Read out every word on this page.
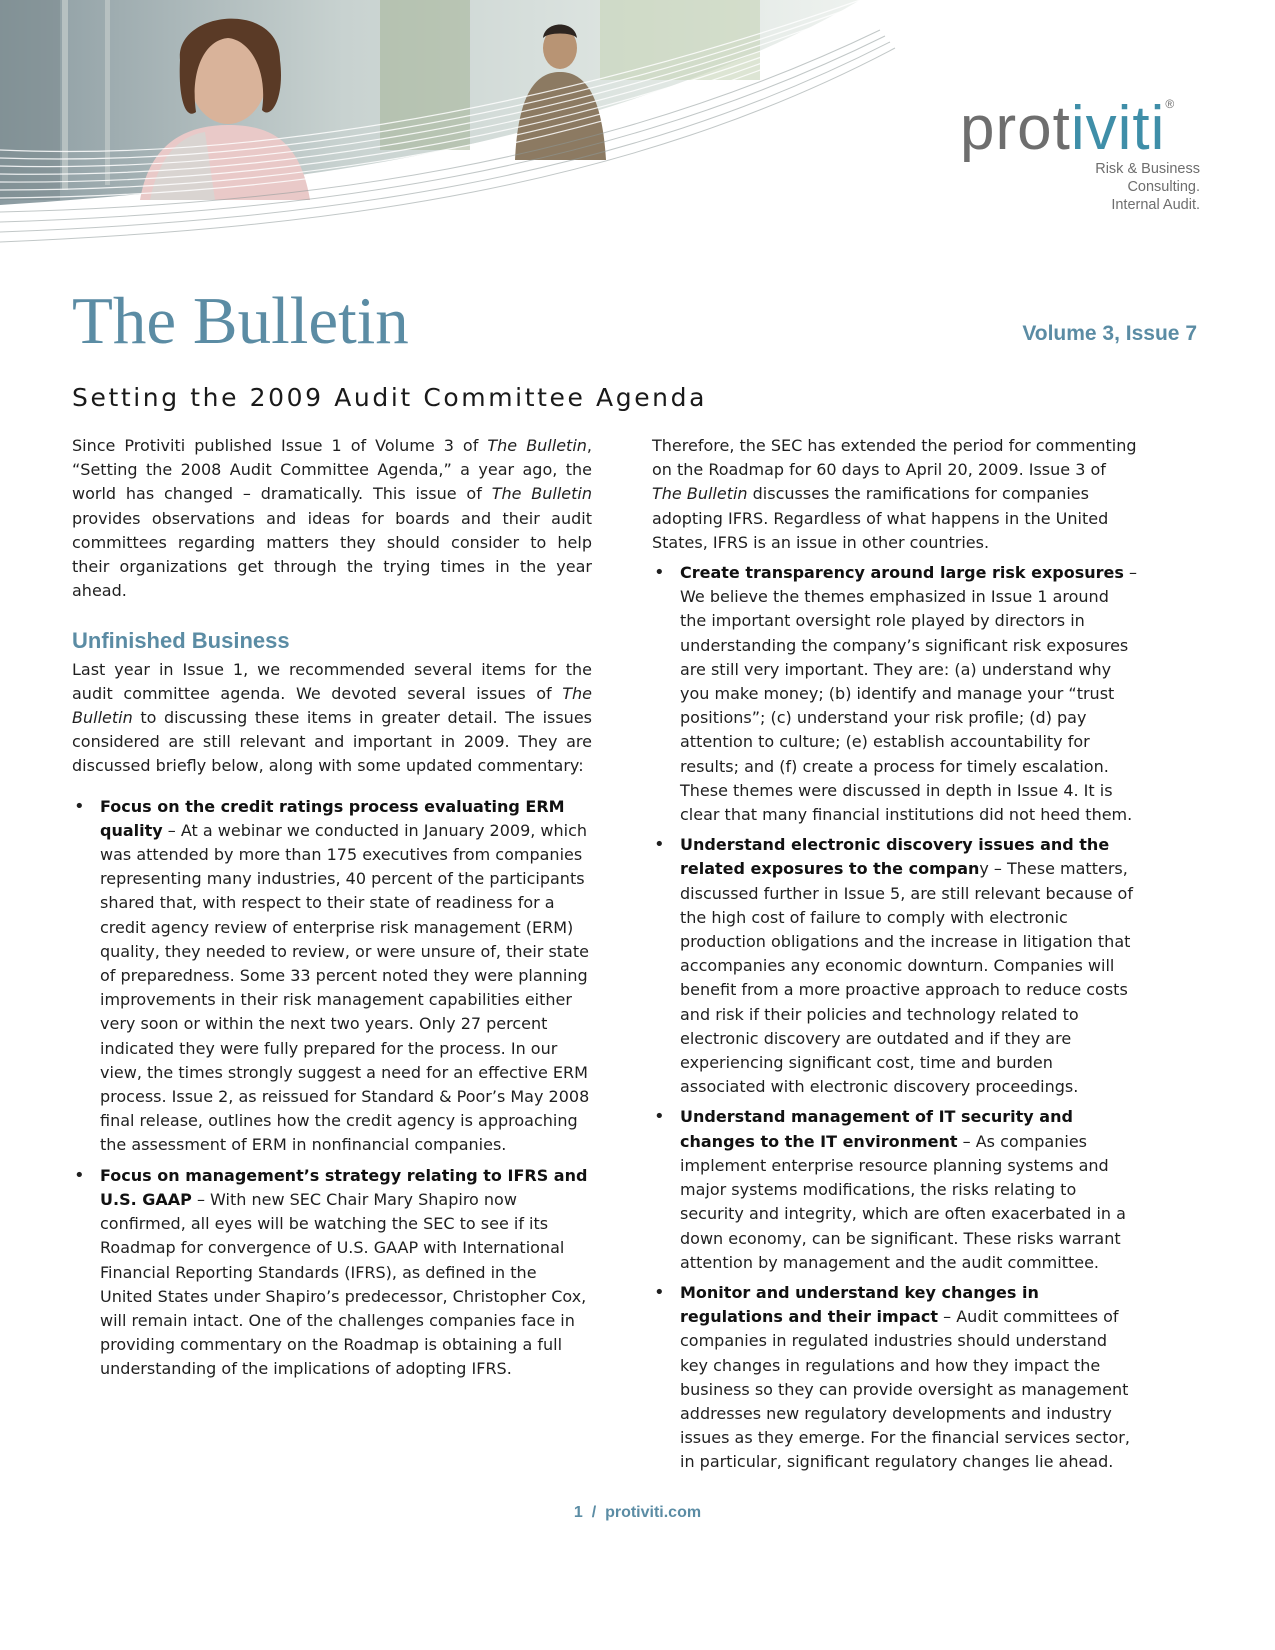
protiviti®
Risk & Business Consulting.
Internal Audit.
The Bulletin	Volume 3, Issue 7
Setting the 2009 Audit Committee Agenda

Since Protiviti published Issue 1 of Volume 3 of The Bulletin, “Setting the 2008 Audit Committee Agenda,” a year ago, the world has changed – dramatically. This issue of The Bulletin provides observations and ideas for boards and their audit committees regarding matters they should consider to help their organizations get through the trying times in the year ahead.

Unfinished Business

Last year in Issue 1, we recommended several items for the audit committee agenda. We devoted several issues of The Bulletin to discussing these items in greater detail. The issues considered are still relevant and important in 2009. They are discussed briefly below, along with some updated commentary:

• Focus on the credit ratings process evaluating ERM quality – At a webinar we conducted in January 2009, which was attended by more than 175 executives from companies representing many industries, 40 percent of the participants shared that, with respect to their state of readiness for a credit agency review of enterprise risk management (ERM) quality, they needed to review, or were unsure of, their state of preparedness. Some 33 percent noted they were planning improvements in their risk management capabilities either very soon or within the next two years. Only 27 percent indicated they were fully prepared for the process. In our view, the times strongly suggest a need for an effective ERM process. Issue 2, as reissued for Standard & Poor’s May 2008 final release, outlines how the credit agency is approaching the assessment of ERM in nonfinancial companies.
• Focus on management’s strategy relating to IFRS and U.S. GAAP – With new SEC Chair Mary Shapiro now confirmed, all eyes will be watching the SEC to see if its Roadmap for convergence of U.S. GAAP with International Financial Reporting Standards (IFRS), as defined in the United States under Shapiro’s predecessor, Christopher Cox, will remain intact. One of the challenges companies face in providing commentary on the Roadmap is obtaining a full understanding of the implications of adopting IFRS.

Therefore, the SEC has extended the period for commenting on the Roadmap for 60 days to April 20, 2009. Issue 3 of The Bulletin discusses the ramifications for companies adopting IFRS. Regardless of what happens in the United States, IFRS is an issue in other countries.

• Create transparency around large risk exposures – We believe the themes emphasized in Issue 1 around the important oversight role played by directors in understanding the company’s significant risk exposures are still very important. They are: (a) understand why you make money; (b) identify and manage your “trust positions”; (c) understand your risk profile; (d) pay attention to culture; (e) establish accountability for results; and (f) create a process for timely escalation. These themes were discussed in depth in Issue 4. It is clear that many financial institutions did not heed them.
• Understand electronic discovery issues and the related exposures to the company – These matters, discussed further in Issue 5, are still relevant because of the high cost of failure to comply with electronic production obligations and the increase in litigation that accompanies any economic downturn. Companies will benefit from a more proactive approach to reduce costs and risk if their policies and technology related to electronic discovery are outdated and if they are experiencing significant cost, time and burden associated with electronic discovery proceedings.
• Understand management of IT security and changes to the IT environment – As companies implement enterprise resource planning systems and major systems modifications, the risks relating to security and integrity, which are often exacerbated in a down economy, can be significant. These risks warrant attention by management and the audit committee.
• Monitor and understand key changes in regulations and their impact – Audit committees of companies in regulated industries should understand key changes in regulations and how they impact the business so they can provide oversight as management addresses new regulatory developments and industry issues as they emerge. For the financial services sector, in particular, significant regulatory changes lie ahead.
1 / protiviti.com
